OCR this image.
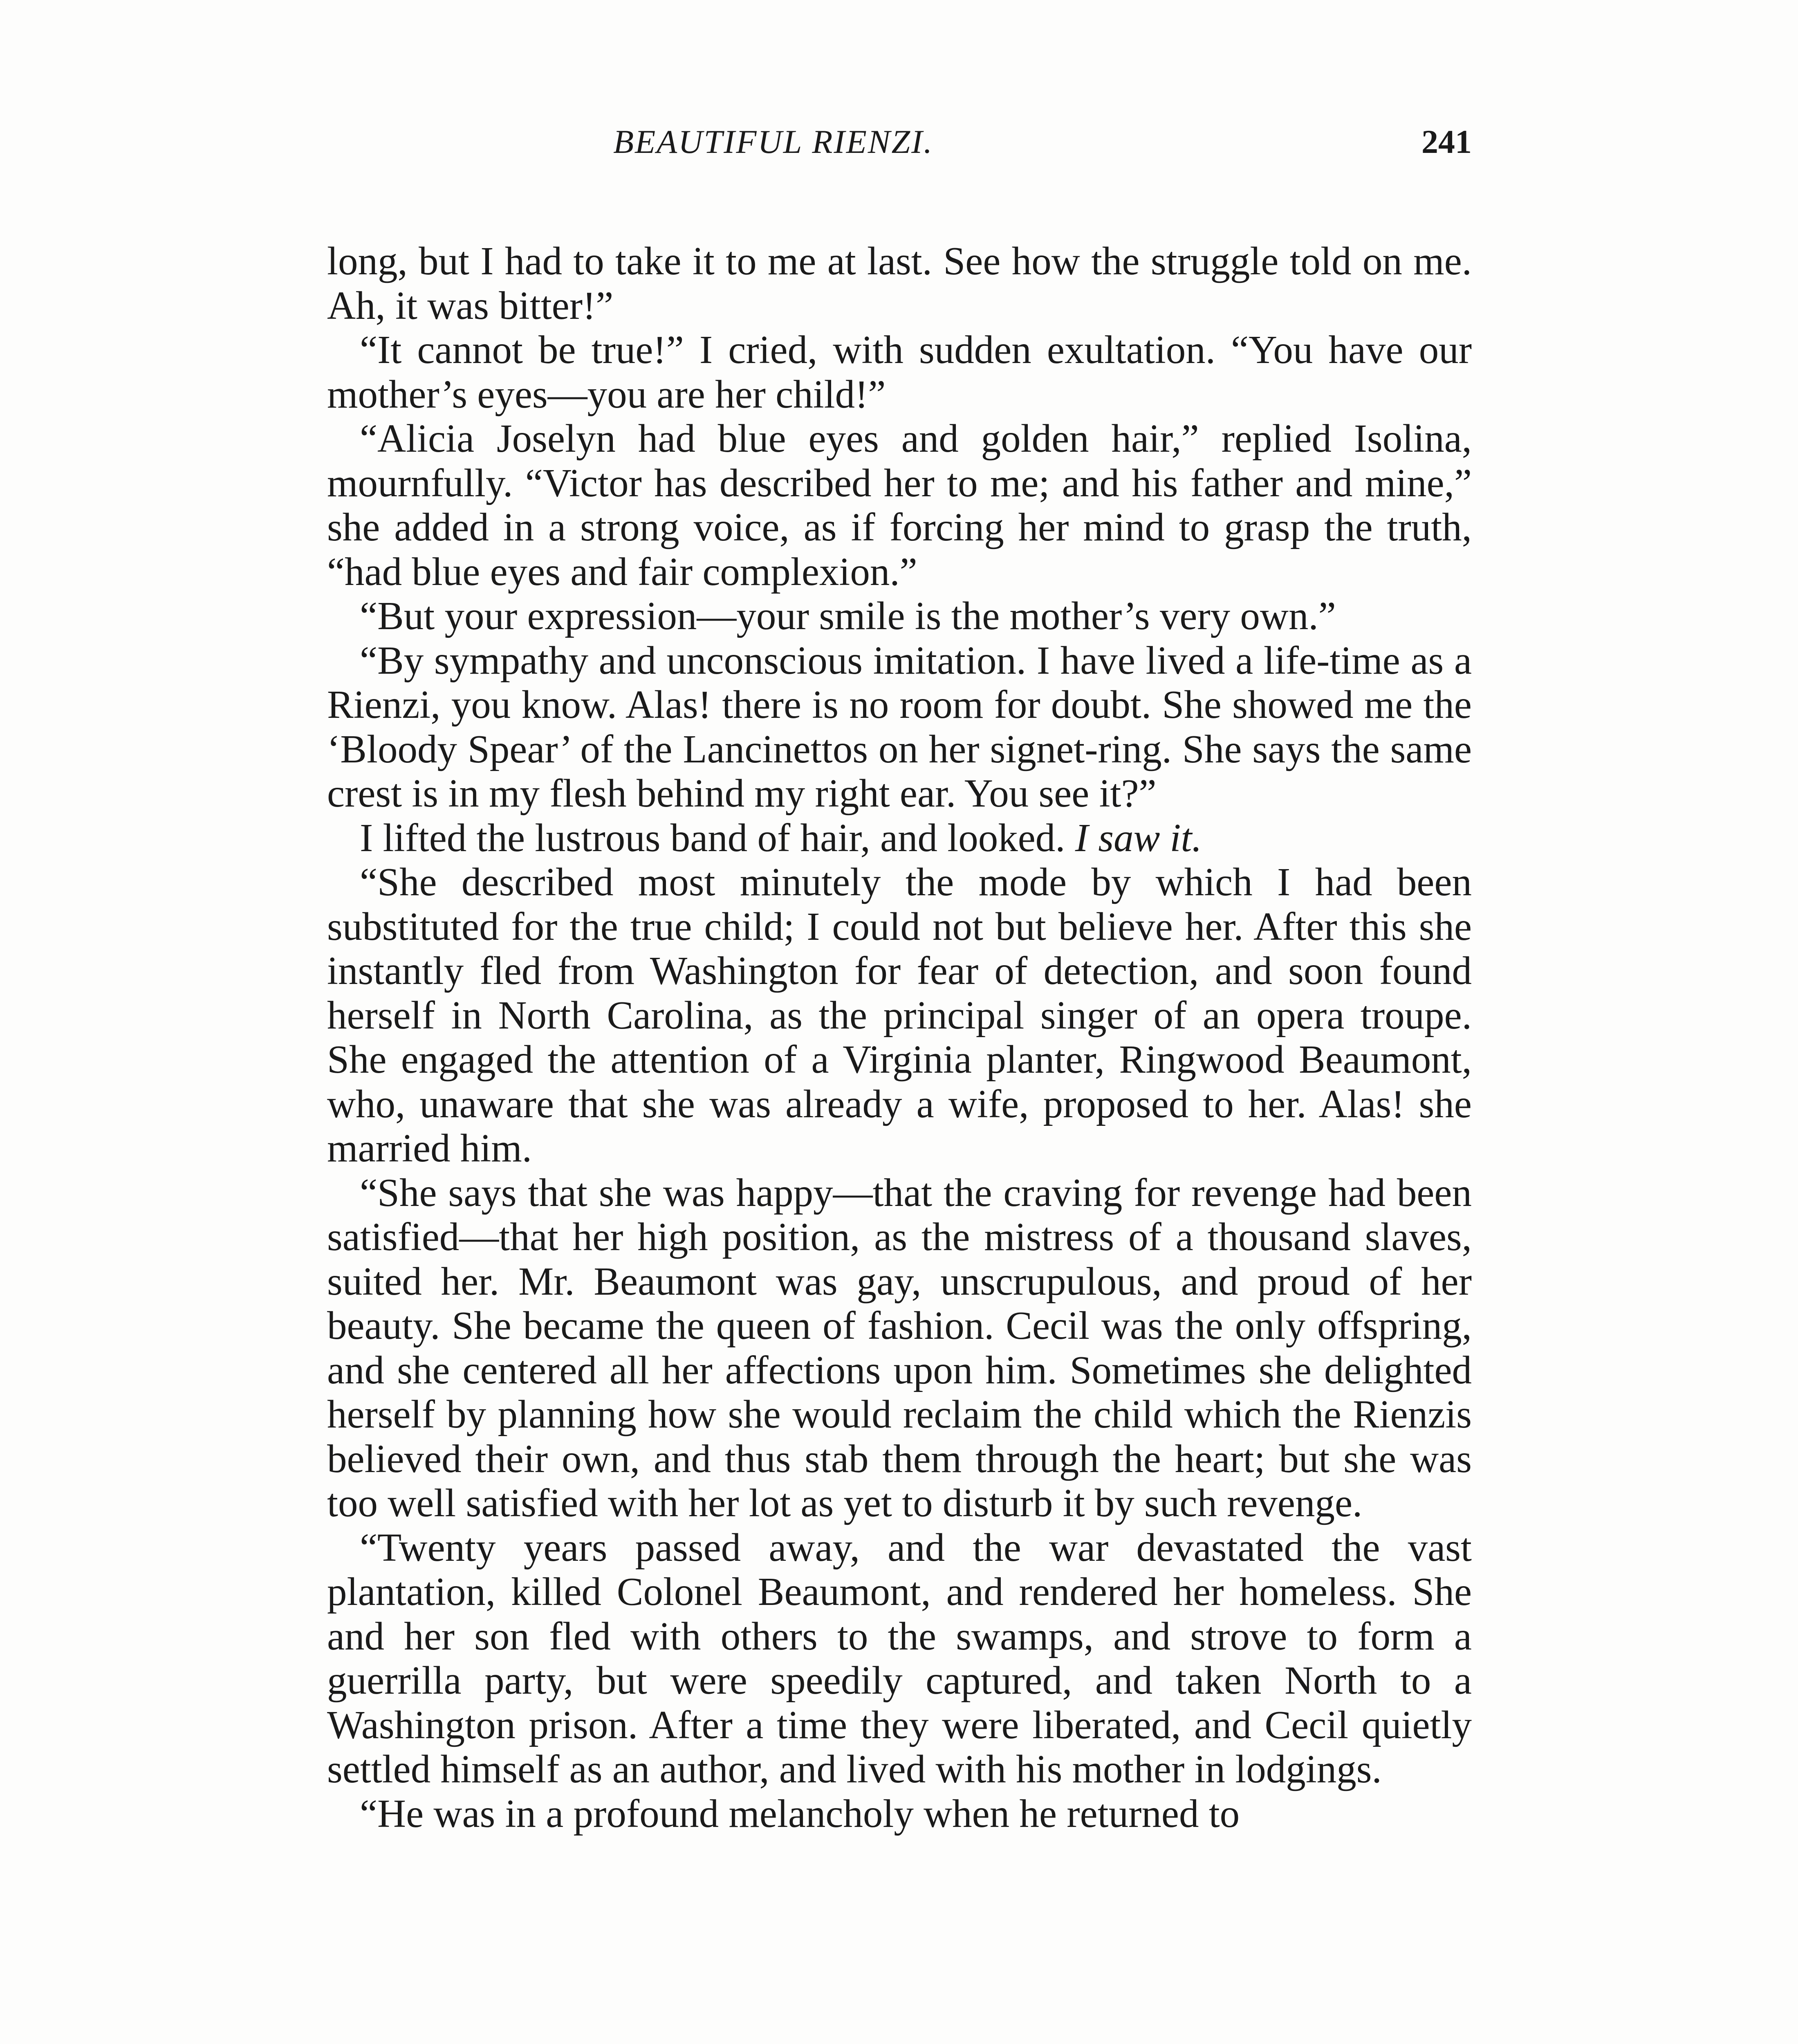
BEAUTIFUL RIENZI.	241

long, but I had to take it to me at last. See how the struggle told on me. Ah, it was bitter!”

“It cannot be true!” I cried, with sudden exultation. “You have our mother’s eyes—you are her child!”

“Alicia Joselyn had blue eyes and golden hair,” replied Isolina, mournfully. “Victor has described her to me; and his father and mine,” she added in a strong voice, as if forcing her mind to grasp the truth, “had blue eyes and fair complexion.”

“But your expression—your smile is the mother’s very own.”

“By sympathy and unconscious imitation. I have lived a life-time as a Rienzi, you know. Alas! there is no room for doubt. She showed me the ‘Bloody Spear’ of the Lancinettos on her signet-ring. She says the same crest is in my flesh behind my right ear. You see it?”

I lifted the lustrous band of hair, and looked. I saw it.

“She described most minutely the mode by which I had been substituted for the true child; I could not but believe her. After this she instantly fled from Washington for fear of detection, and soon found herself in North Carolina, as the principal singer of an opera troupe. She engaged the attention of a Virginia planter, Ringwood Beaumont, who, unaware that she was already a wife, proposed to her. Alas! she married him.

“She says that she was happy—that the craving for revenge had been satisfied—that her high position, as the mistress of a thousand slaves, suited her. Mr. Beaumont was gay, unscrupulous, and proud of her beauty. She became the queen of fashion. Cecil was the only offspring, and she centered all her affections upon him. Sometimes she delighted herself by planning how she would reclaim the child which the Rienzis believed their own, and thus stab them through the heart; but she was too well satisfied with her lot as yet to disturb it by such revenge.

“Twenty years passed away, and the war devastated the vast plantation, killed Colonel Beaumont, and rendered her homeless. She and her son fled with others to the swamps, and strove to form a guerrilla party, but were speedily captured, and taken North to a Washington prison. After a time they were liberated, and Cecil quietly settled himself as an author, and lived with his mother in lodgings.

“He was in a profound melancholy when he returned to
